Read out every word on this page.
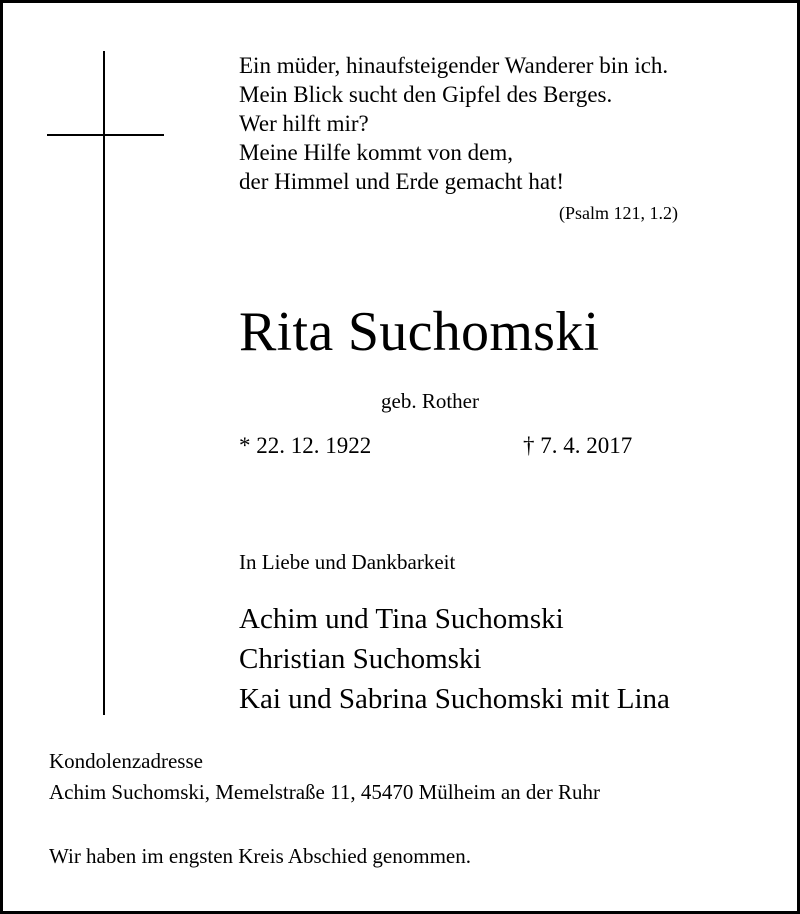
Ein müder, hinaufsteigender Wanderer bin ich.
Mein Blick sucht den Gipfel des Berges.
Wer hilft mir?
Meine Hilfe kommt von dem,
der Himmel und Erde gemacht hat!
(Psalm 121, 1.2)
Rita Suchomski
geb. Rother
* 22. 12. 1922	† 7. 4. 2017
In Liebe und Dankbarkeit
Achim und Tina Suchomski
Christian Suchomski
Kai und Sabrina Suchomski mit Lina
Kondolenzadresse
Achim Suchomski, Memelstraße 11, 45470 Mülheim an der Ruhr
Wir haben im engsten Kreis Abschied genommen.
